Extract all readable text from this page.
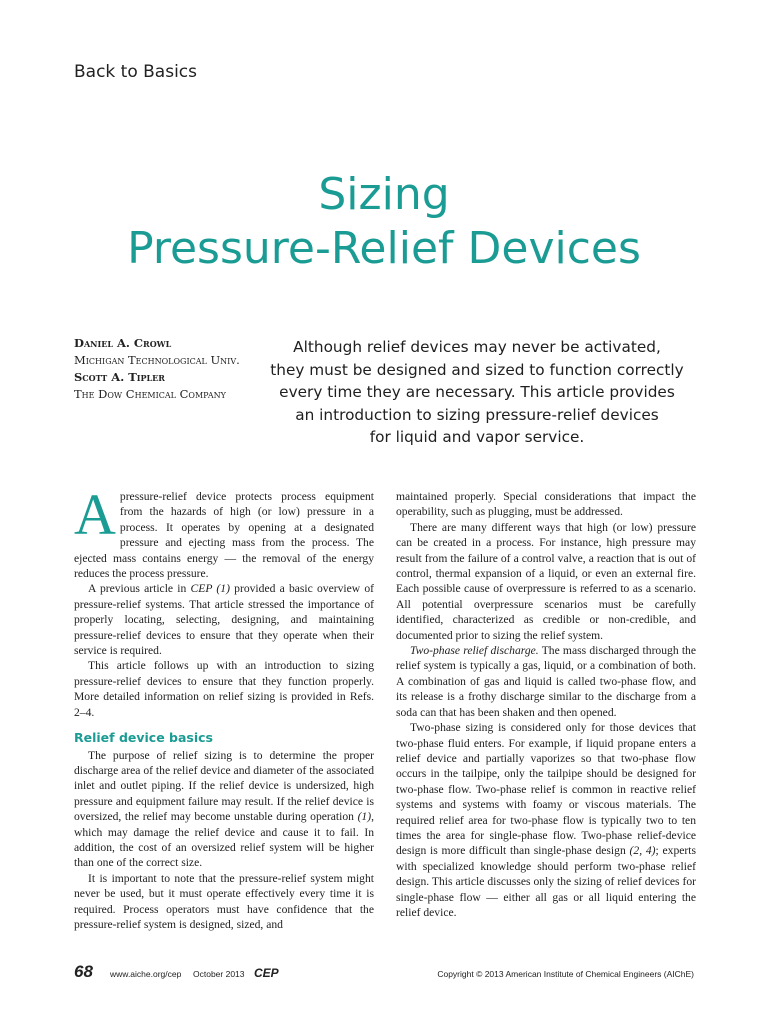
Back to Basics
Sizing
Pressure-Relief Devices
Daniel A. Crowl
Michigan Technological Univ.
Scott A. Tipler
The Dow Chemical Company
Although relief devices may never be activated,
they must be designed and sized to function correctly
every time they are necessary. This article provides
an introduction to sizing pressure-relief devices
for liquid and vapor service.

Apressure-relief device protects process equipment from the hazards of high (or low) pressure in a process. It operates by opening at a designated pressure and ejecting mass from the process. The ejected mass contains energy — the removal of the energy reduces the process pressure.

A previous article in CEP (1) provided a basic overview of pressure-relief systems. That article stressed the importance of properly locating, selecting, designing, and maintaining pressure-relief devices to ensure that they operate when their service is required.

This article follows up with an introduction to sizing pressure-relief devices to ensure that they function properly. More detailed information on relief sizing is provided in Refs. 2–4.

Relief device basics

The purpose of relief sizing is to determine the proper discharge area of the relief device and diameter of the associated inlet and outlet piping. If the relief device is undersized, high pressure and equipment failure may result. If the relief device is oversized, the relief may become unstable during operation (1), which may damage the relief device and cause it to fail. In addition, the cost of an oversized relief system will be higher than one of the correct size.

It is important to note that the pressure-relief system might never be used, but it must operate effectively every time it is required. Process operators must have confidence that the pressure-relief system is designed, sized, and

maintained properly. Special considerations that impact the operability, such as plugging, must be addressed.

There are many different ways that high (or low) pressure can be created in a process. For instance, high pressure may result from the failure of a control valve, a reaction that is out of control, thermal expansion of a liquid, or even an external fire. Each possible cause of overpressure is referred to as a scenario. All potential overpressure scenarios must be carefully identified, characterized as credible or non-credible, and documented prior to sizing the relief system.

Two-phase relief discharge. The mass discharged through the relief system is typically a gas, liquid, or a combination of both. A combination of gas and liquid is called two-phase flow, and its release is a frothy discharge similar to the discharge from a soda can that has been shaken and then opened.

Two-phase sizing is considered only for those devices that two-phase fluid enters. For example, if liquid propane enters a relief device and partially vaporizes so that two-phase flow occurs in the tailpipe, only the tailpipe should be designed for two-phase flow. Two-phase relief is common in reactive relief systems and systems with foamy or viscous materials. The required relief area for two-phase flow is typically two to ten times the area for single-phase flow. Two-phase relief-device design is more difficult than single-phase design (2, 4); experts with specialized knowledge should perform two-phase relief design. This article discusses only the sizing of relief devices for single-phase flow — either all gas or all liquid entering the relief device.

68 www.aiche.org/cep October 2013 CEP	Copyright © 2013 American Institute of Chemical Engineers (AIChE)
